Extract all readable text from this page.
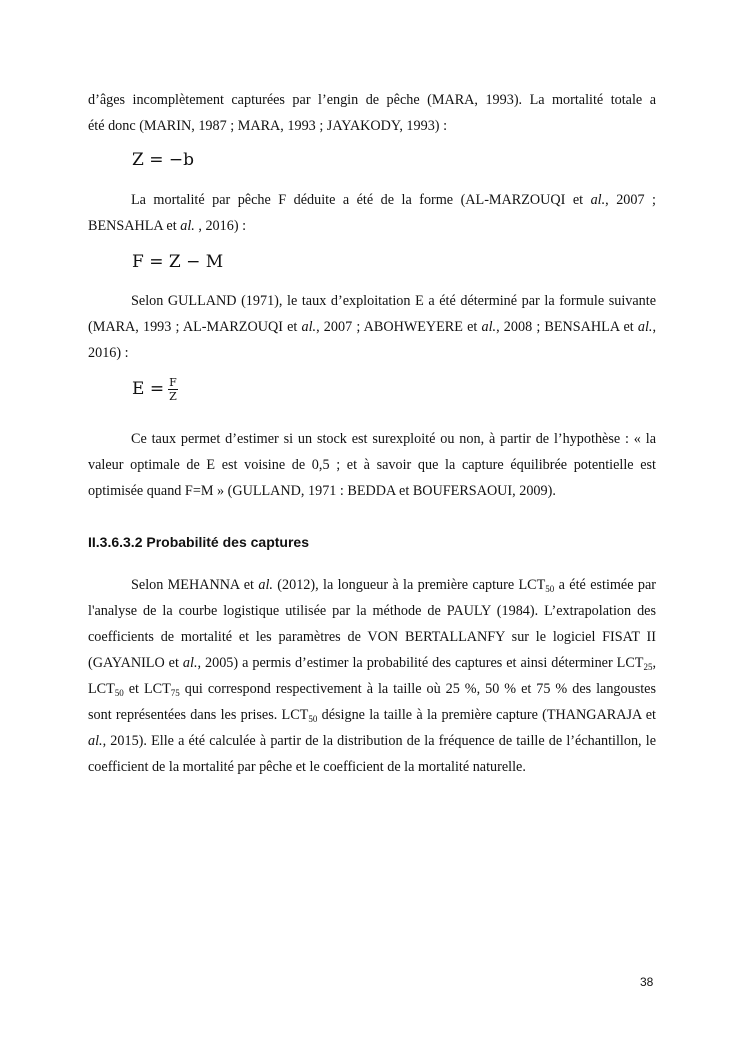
d’âges incomplètement capturées par l’engin de pêche (MARA, 1993). La mortalité totale a
été donc (MARIN, 1987 ; MARA, 1993 ; JAYAKODY, 1993) :

Z = −b

La mortalité par pêche F déduite a été de la forme (AL-MARZOUQI et al., 2007 ; BENSAHLA et al. , 2016) :

F = Z − M

Selon GULLAND (1971), le taux d’exploitation E a été déterminé par la formule suivante (MARA, 1993 ; AL-MARZOUQI et al., 2007 ; ABOHWEYERE et al., 2008 ; BENSAHLA et al., 2016) :

$E = \frac{F}{Z}$

Ce taux permet d’estimer si un stock est surexploité ou non, à partir de l’hypothèse : « la valeur optimale de E est voisine de 0,5 ; et à savoir que la capture équilibrée potentielle est optimisée quand F=M » (GULLAND, 1971 : BEDDA et BOUFERSAOUI, 2009).

II.3.6.3.2 Probabilité des captures

Selon MEHANNA et al. (2012), la longueur à la première capture $LCT_{50}$ a été estimée par l'analyse de la courbe logistique utilisée par la méthode de PAULY (1984). L’extrapolation des coefficients de mortalité et les paramètres de VON BERTALLANFY sur le logiciel FISAT II (GAYANILO et al., 2005) a permis d’estimer la probabilité des captures et ainsi déterminer $LCT_{25}$, $LCT_{50}$ et $LCT_{75}$ qui correspond respectivement à la taille où 25 %, 50 % et 75 % des langoustes sont représentées dans les prises. $LCT_{50}$ désigne la taille à la première capture (THANGARAJA et al., 2015). Elle a été calculée à partir de la distribution de la fréquence de taille de l’échantillon, le coefficient de la mortalité par pêche et le coefficient de la mortalité naturelle.

38
